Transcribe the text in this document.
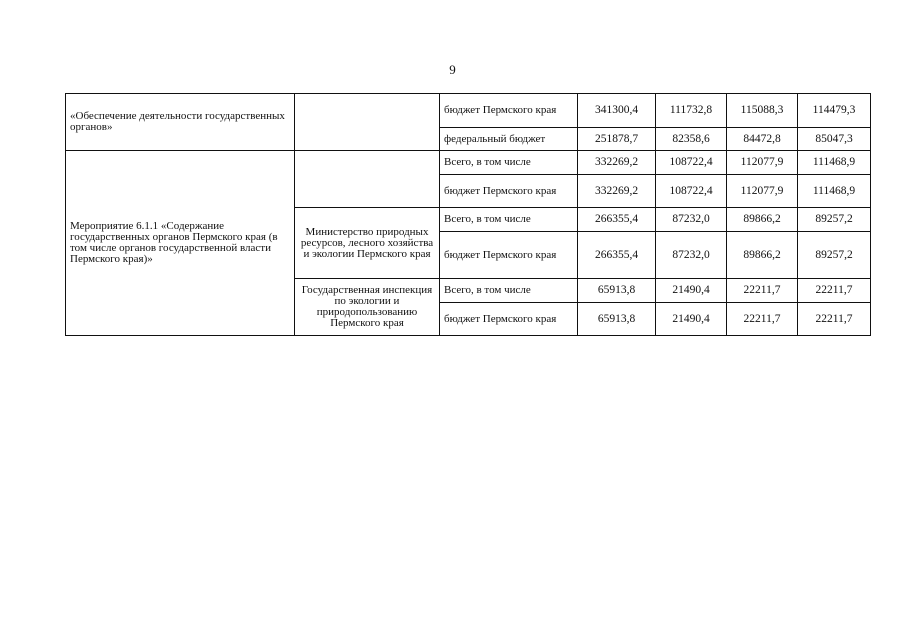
9
«Обеспечение деятельности государственных органов»		бюджет Пермского края	341300,4	111732,8	115088,3	114479,3
		федеральный бюджет	251878,7	82358,6	84472,8	85047,3
Мероприятие 6.1.1 «Содержание государственных органов Пермского края (в том числе органов государственной власти Пермского края)»		Всего, в том числе	332269,2	108722,4	112077,9	111468,9
		бюджет Пермского края	332269,2	108722,4	112077,9	111468,9
	Министерство природных ресурсов, лесного хозяйства и экологии Пермского края	Всего, в том числе	266355,4	87232,0	89866,2	89257,2
		бюджет Пермского края	266355,4	87232,0	89866,2	89257,2
	Государственная инспекция по экологии и природопользованию Пермского края	Всего, в том числе	65913,8	21490,4	22211,7	22211,7
		бюджет Пермского края	65913,8	21490,4	22211,7	22211,7
